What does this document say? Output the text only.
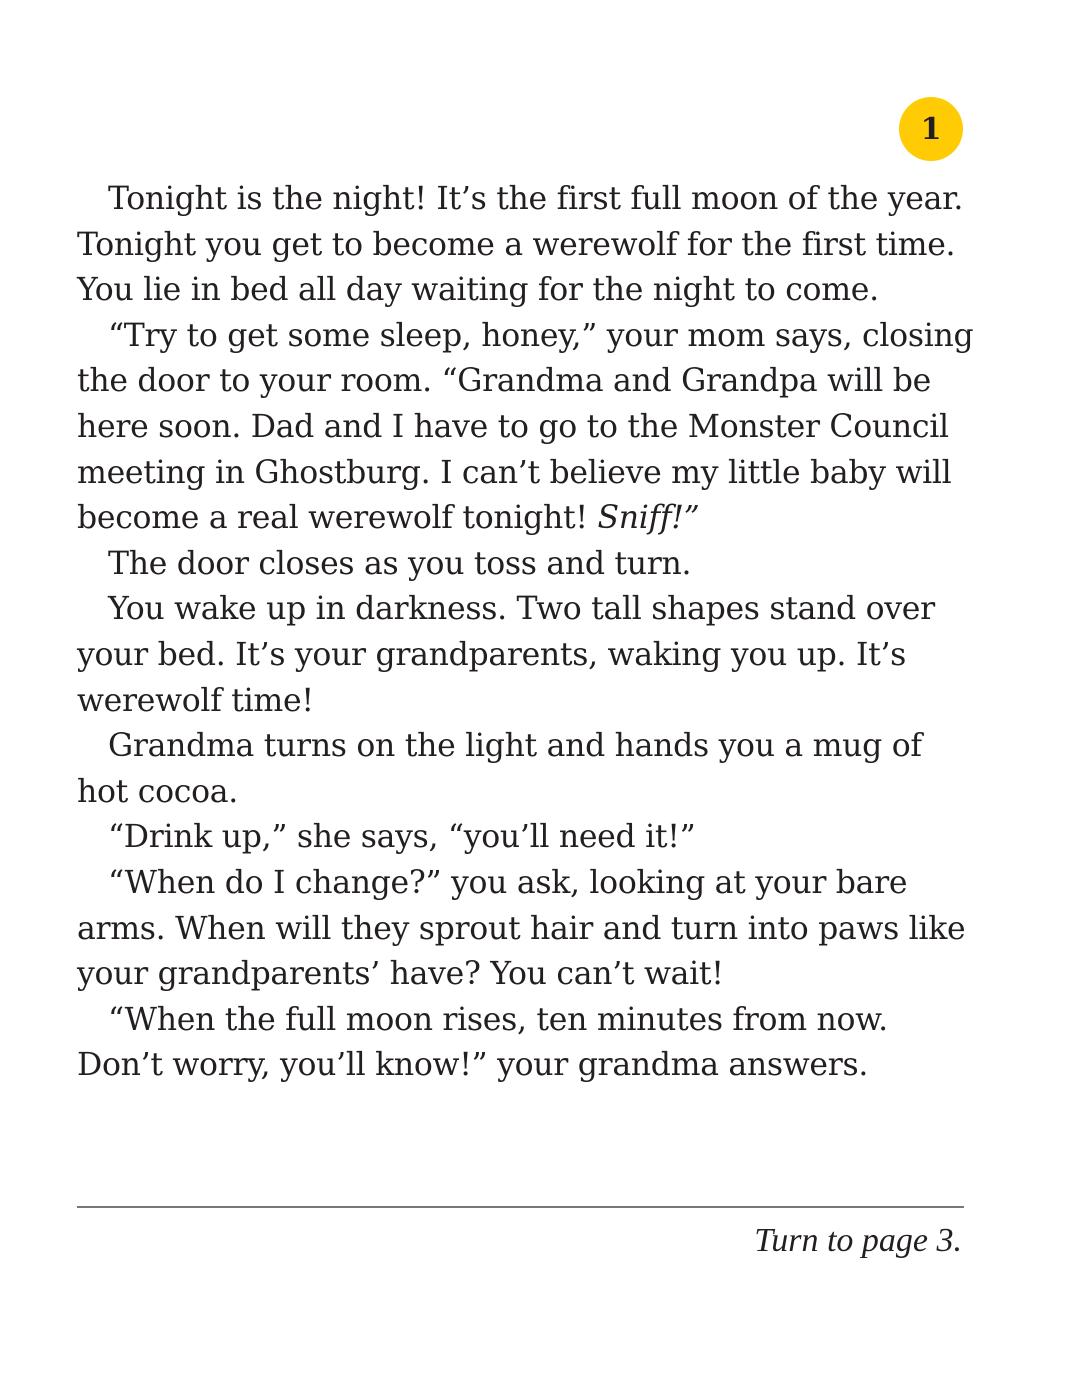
1

Tonight is the night! It’s the first full moon of the year. Tonight you get to become a werewolf for the first time. You lie in bed all day waiting for the night to come.

“Try to get some sleep, honey,” your mom says, closing the door to your room. “Grandma and Grandpa will be here soon. Dad and I have to go to the Monster Council meeting in Ghostburg. I can’t believe my little baby will become a real werewolf tonight! Sniff!”

The door closes as you toss and turn.

You wake up in darkness. Two tall shapes stand over your bed. It’s your grandparents, waking you up. It’s werewolf time!

Grandma turns on the light and hands you a mug of hot cocoa.

“Drink up,” she says, “you’ll need it!”

“When do I change?” you ask, looking at your bare arms. When will they sprout hair and turn into paws like your grandparents’ have? You can’t wait!

“When the full moon rises, ten minutes from now. Don’t worry, you’ll know!” your grandma answers.

Turn to page 3.
